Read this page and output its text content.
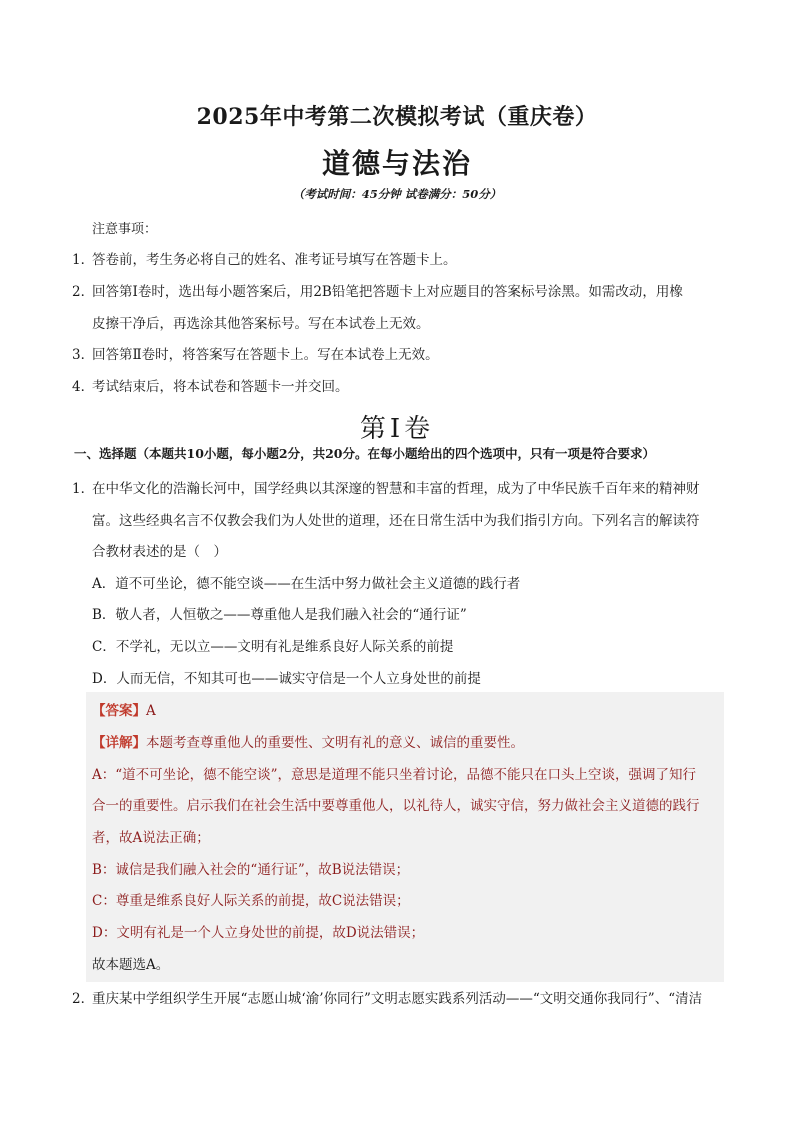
2025年中考第二次模拟考试（重庆卷）
道德与法治
（考试时间：45分钟 试卷满分：50分）
注意事项：
1．
答卷前，考生务必将自己的姓名、准考证号填写在答题卡上。
2．
回答第Ⅰ卷时，选出每小题答案后，用2B铅笔把答题卡上对应题目的答案标号涂黑。如需改动，用橡
皮擦干净后，再选涂其他答案标号。写在本试卷上无效。
3．
回答第Ⅱ卷时，将答案写在答题卡上。写在本试卷上无效。
4．
考试结束后，将本试卷和答题卡一并交回。
第Ⅰ卷
一、选择题（本题共10小题，每小题2分，共20分。在每小题给出的四个选项中，只有一项是符合要求）
1．
在中华文化的浩瀚长河中，国学经典以其深邃的智慧和丰富的哲理，成为了中华民族千百年来的精神财
富。这些经典名言不仅教会我们为人处世的道理，还在日常生活中为我们指引方向。下列名言的解读符
合教材表述的是（　）
A．道不可坐论，德不能空谈——在生活中努力做社会主义道德的践行者
B．敬人者，人恒敬之——尊重他人是我们融入社会的“通行证”
C．不学礼，无以立——文明有礼是维系良好人际关系的前提
D．人而无信，不知其可也——诚实守信是一个人立身处世的前提
【答案】A
【详解】本题考查尊重他人的重要性、文明有礼的意义、诚信的重要性。
A：“道不可坐论，德不能空谈”，意思是道理不能只坐着讨论，品德不能只在口头上空谈，强调了知行
合一的重要性。启示我们在社会生活中要尊重他人，以礼待人，诚实守信，努力做社会主义道德的践行
者，故A说法正确；
B：诚信是我们融入社会的“通行证”，故B说法错误；
C：尊重是维系良好人际关系的前提，故C说法错误；
D：文明有礼是一个人立身处世的前提，故D说法错误；
故本题选A。
2．
重庆某中学组织学生开展“志愿山城‘渝’你同行”文明志愿实践系列活动——“文明交通你我同行”、“清洁
